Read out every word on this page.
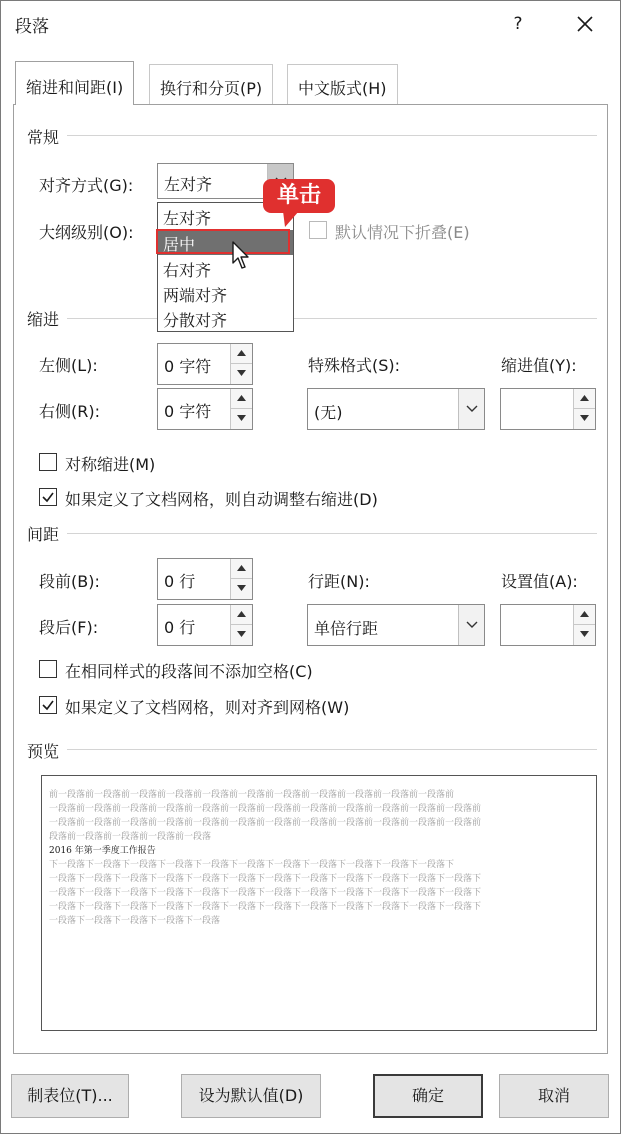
段落	?
缩进和间距(I)	换行和分页(P)	中文版式(H)
常规
对齐方式(G):	左对齐
大纲级别(O):	默认情况下折叠(E)
左对齐
居中
右对齐
两端对齐
分散对齐
单击
缩进
左侧(L):	0 字符
右侧(R):	0 字符
特殊格式(S):
(无)
缩进值(Y):
对称缩进(M)
如果定义了文档网格，则自动调整右缩进(D)
间距
段前(B):	0 行
段后(F):	0 行
行距(N):
单倍行距
设置值(A):
在相同样式的段落间不添加空格(C)
如果定义了文档网格，则对齐到网格(W)
预览
前一段落前一段落前一段落前一段落前一段落前一段落前一段落前一段落前一段落前一段落前一段落前
一段落前一段落前一段落前一段落前一段落前一段落前一段落前一段落前一段落前一段落前一段落前一段落前
一段落前一段落前一段落前一段落前一段落前一段落前一段落前一段落前一段落前一段落前一段落前一段落前
段落前一段落前一段落前一段落前一段落
2016 年第一季度工作报告
下一段落下一段落下一段落下一段落下一段落下一段落下一段落下一段落下一段落下一段落下一段落下
一段落下一段落下一段落下一段落下一段落下一段落下一段落下一段落下一段落下一段落下一段落下一段落下
一段落下一段落下一段落下一段落下一段落下一段落下一段落下一段落下一段落下一段落下一段落下一段落下
一段落下一段落下一段落下一段落下一段落下一段落下一段落下一段落下一段落下一段落下一段落下一段落下
一段落下一段落下一段落下一段落下一段落
制表位(T)...	设为默认值(D)	确定	取消
